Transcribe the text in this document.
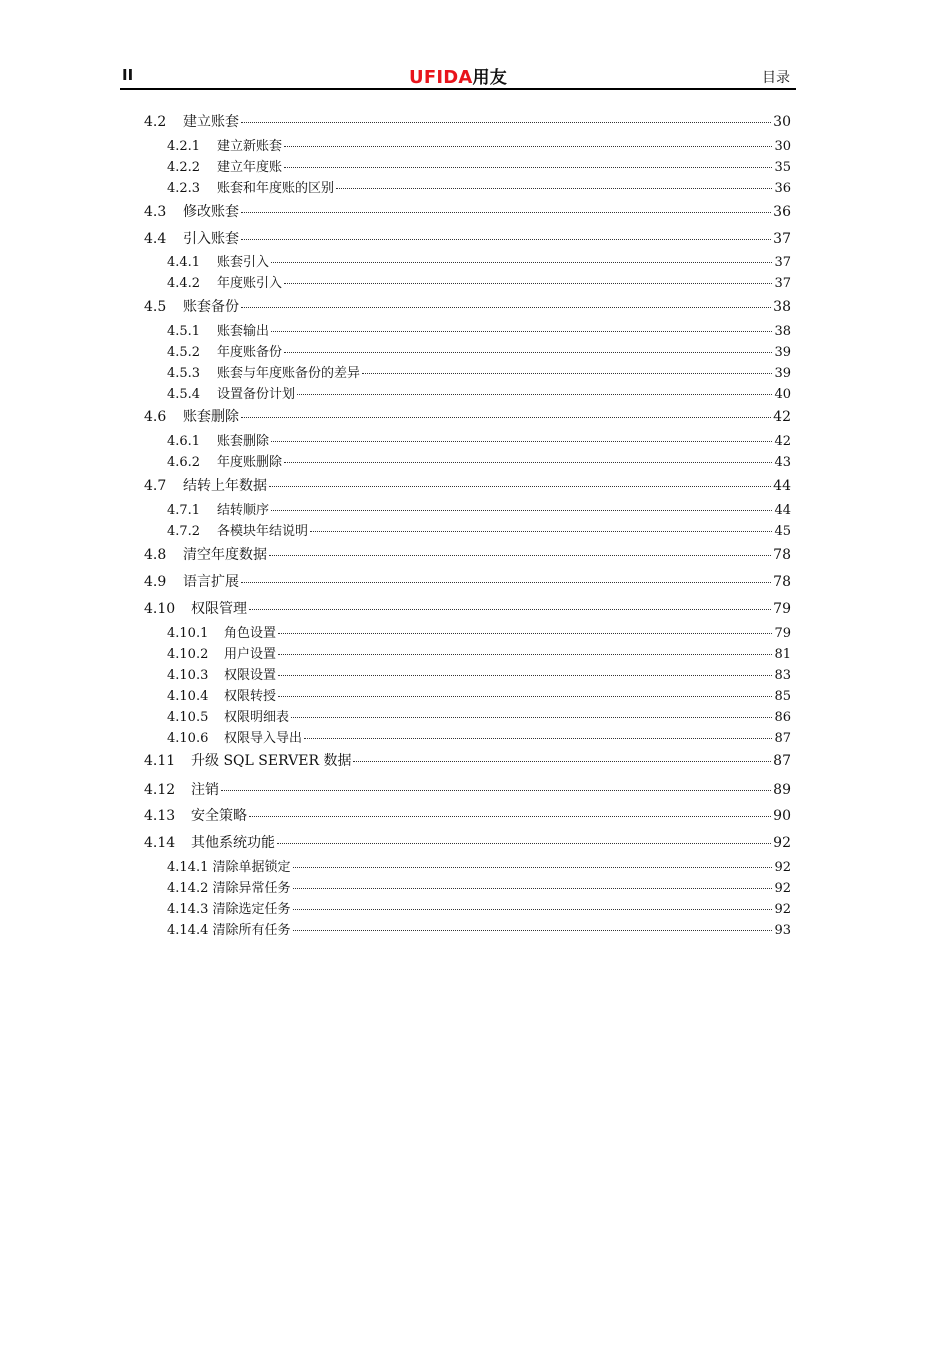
II	UFIDA用友	目录
4.2	建立账套	30
4.2.1	建立新账套	30
4.2.2	建立年度账	35
4.2.3	账套和年度账的区别	36
4.3	修改账套	36
4.4	引入账套	37
4.4.1	账套引入	37
4.4.2	年度账引入	37
4.5	账套备份	38
4.5.1	账套输出	38
4.5.2	年度账备份	39
4.5.3	账套与年度账备份的差异	39
4.5.4	设置备份计划	40
4.6	账套删除	42
4.6.1	账套删除	42
4.6.2	年度账删除	43
4.7	结转上年数据	44
4.7.1	结转顺序	44
4.7.2	各模块年结说明	45
4.8	清空年度数据	78
4.9	语言扩展	78
4.10	权限管理	79
4.10.1	角色设置	79
4.10.2	用户设置	81
4.10.3	权限设置	83
4.10.4	权限转授	85
4.10.5	权限明细表	86
4.10.6	权限导入导出	87
4.11	升级 SQL SERVER 数据	87
4.12	注销	89
4.13	安全策略	90
4.14	其他系统功能	92
4.14.1 清除单据锁定	92
4.14.2 清除异常任务	92
4.14.3 清除选定任务	92
4.14.4 清除所有任务	93
